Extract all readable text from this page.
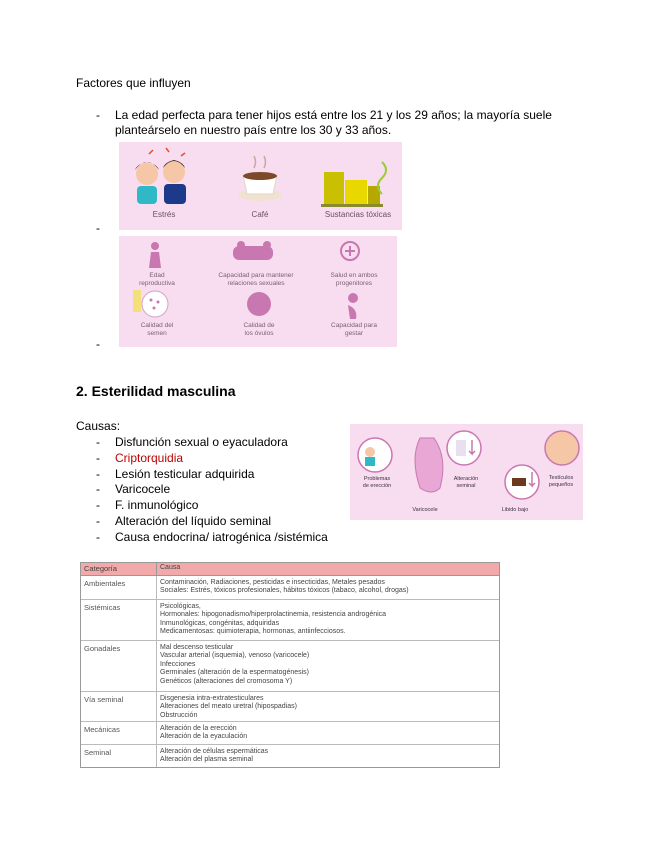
Factores que influyen
- La edad perfecta para tener hijos está entre los 21 y los 29 años; la mayoría suele
planteárselo en nuestro país entre los 30 y 33 años.
Estrés	Café	Sustancias tóxicas
-
Edad
reproductiva
Capacidad para mantener
relaciones sexuales
Salud en ambos
progenitores
Calidad del
semen
Calidad de
los óvulos
Capacidad para
gestar
-
2. Esterilidad masculina
Causas:
- Disfunción sexual o eyaculadora
- Criptorquidia
- Lesión testicular adquirida
- Varicocele
- F. inmunológico
- Alteración del líquido seminal
- Causa endocrina/ iatrogénica /sistémica
Problemas
de erección
Alteración
seminal
Testículos
pequeños
Varicocele	Libido bajo
Categoría	Causa
Ambientales	Contaminación, Radiaciones, pesticidas e insecticidas, Metales pesados
Sociales: Estrés, tóxicos profesionales, hábitos tóxicos (tabaco, alcohol, drogas)
Sistémicas	Psicológicas,
Hormonales: hipogonadismo/hiperprolactinemia, resistencia androgénica
Inmunológicas, congénitas, adquiridas
Medicamentosas: quimioterapia, hormonas, antiinfecciosos.
Gonadales	Mal descenso testicular
Vascular arterial (isquemia), venoso (varicocele)
Infecciones
Germinales (alteración de la espermatogénesis)
Genéticos (alteraciones del cromosoma Y)
Vía seminal	Disgenesia intra-extratesticulares
Alteraciones del meato uretral (hipospadias)
Obstrucción
Mecánicas	Alteración de la erección
Alteración de la eyaculación
Seminal	Alteración de células espermáticas
Alteración del plasma seminal
